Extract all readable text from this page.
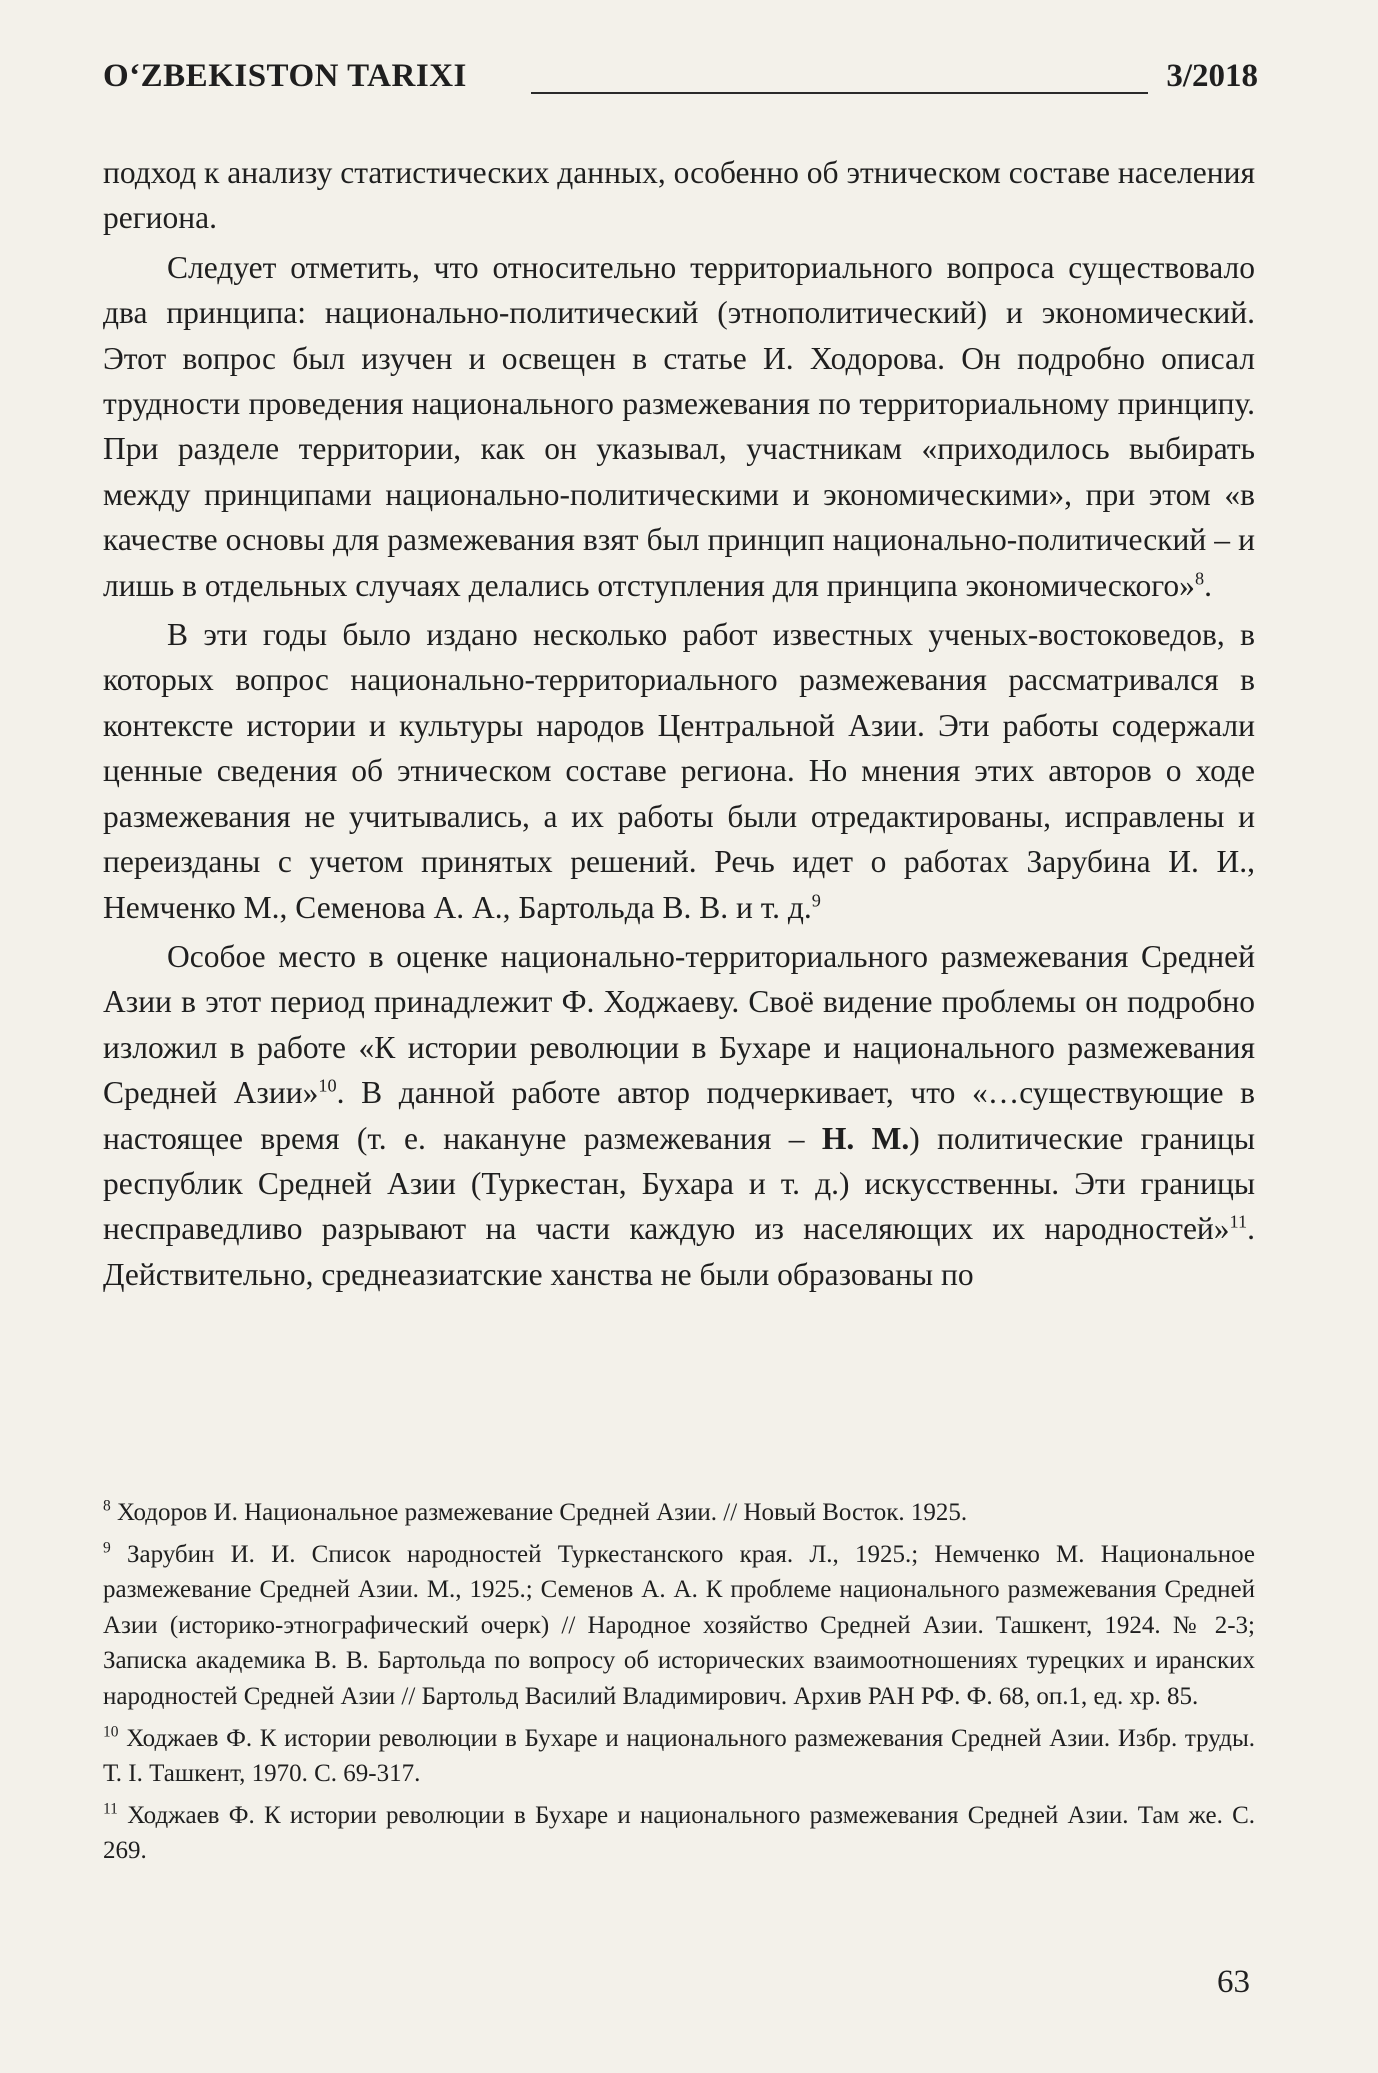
O‘ZBEKISTON TARIXI	3/2018

подход к анализу статистических данных, особенно об этническом составе населения региона.

Следует отметить, что относительно территориального вопроса существовало два принципа: национально-политический (этнополитический) и экономический. Этот вопрос был изучен и освещен в статье И. Ходорова. Он подробно описал трудности проведения национального размежевания по территориальному принципу. При разделе территории, как он указывал, участникам «приходилось выбирать между принципами национально-политическими и экономическими», при этом «в качестве основы для размежевания взят был принцип национально-политический – и лишь в отдельных случаях делались отступления для принципа экономического»$^8$.

В эти годы было издано несколько работ известных ученых-востоковедов, в которых вопрос национально-территориального размежевания рассматривался в контексте истории и культуры народов Центральной Азии. Эти работы содержали ценные сведения об этническом составе региона. Но мнения этих авторов о ходе размежевания не учитывались, а их работы были отредактированы, исправлены и переизданы с учетом принятых решений. Речь идет о работах Зарубина И. И., Немченко М., Семенова А. А., Бартольда В. В. и т. д.$^9$

Особое место в оценке национально-территориального размежевания Средней Азии в этот период принадлежит Ф. Ходжаеву. Своё видение проблемы он подробно изложил в работе «К истории революции в Бухаре и национального размежевания Средней Азии»$^{10}$. В данной работе автор подчеркивает, что «…существующие в настоящее время (т. е. накануне размежевания – Н. М.) политические границы республик Средней Азии (Туркестан, Бухара и т. д.) искусственны. Эти границы несправедливо разрывают на части каждую из населяющих их народностей»$^{11}$. Действительно, среднеазиатские ханства не были образованы по

$^8$ Ходоров И. Национальное размежевание Средней Азии. // Новый Восток. 1925.

$^9$ Зарубин И. И. Список народностей Туркестанского края. Л., 1925.; Немченко М. Национальное размежевание Средней Азии. М., 1925.; Семенов А. А. К проблеме национального размежевания Средней Азии (историко-этнографический очерк) // Народное хозяйство Средней Азии. Ташкент, 1924. № 2-3; Записка академика В. В. Бартольда по вопросу об исторических взаимоотношениях турецких и иранских народностей Средней Азии // Бартольд Василий Владимирович. Архив РАН РФ. Ф. 68, оп.1, ед. хр. 85.

$^{10}$ Ходжаев Ф. К истории революции в Бухаре и национального размежевания Средней Азии. Избр. труды. Т. I. Ташкент, 1970. С. 69-317.

$^{11}$ Ходжаев Ф. К истории революции в Бухаре и национального размежевания Средней Азии. Там же. С. 269.

63
